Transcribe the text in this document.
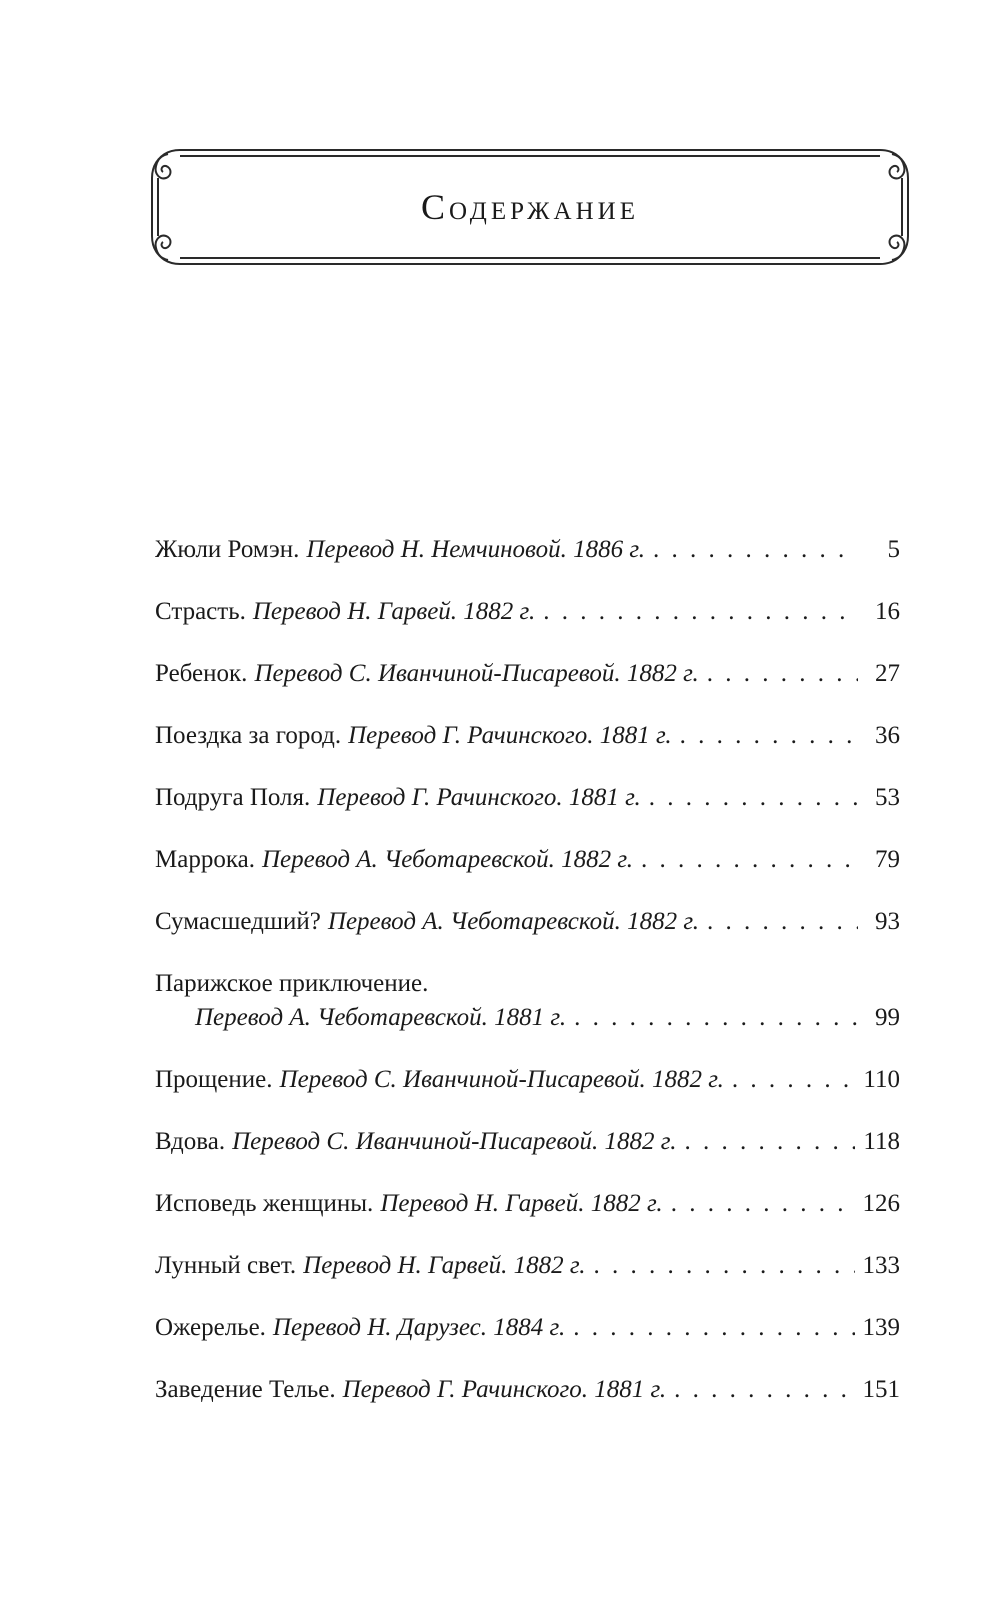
Содержание
Жюли Ромэн. Перевод Н. Немчиновой. 1886 г. . . .	5
Страсть. Перевод Н. Гарвей. 1882 г. . . .	16
Ребенок. Перевод С. Иванчиной-Писаревой. 1882 г. . . .	27
Поездка за город. Перевод Г. Рачинского. 1881 г. . . .	36
Подруга Поля. Перевод Г. Рачинского. 1881 г. . . .	53
Маррока. Перевод А. Чеботаревской. 1882 г. . . .	79
Сумасшедший? Перевод А. Чеботаревской. 1882 г. . . .	93
Парижское приключение.
Перевод А. Чеботаревской. 1881 г. . . .	99
Прощение. Перевод С. Иванчиной-Писаревой. 1882 г. . . .	110
Вдова. Перевод С. Иванчиной-Писаревой. 1882 г. . . .	118
Исповедь женщины. Перевод Н. Гарвей. 1882 г. . . .	126
Лунный свет. Перевод Н. Гарвей. 1882 г. . . .	133
Ожерелье. Перевод Н. Дарузес. 1884 г. . . .	139
Заведение Телье. Перевод Г. Рачинского. 1881 г. . . .	151
